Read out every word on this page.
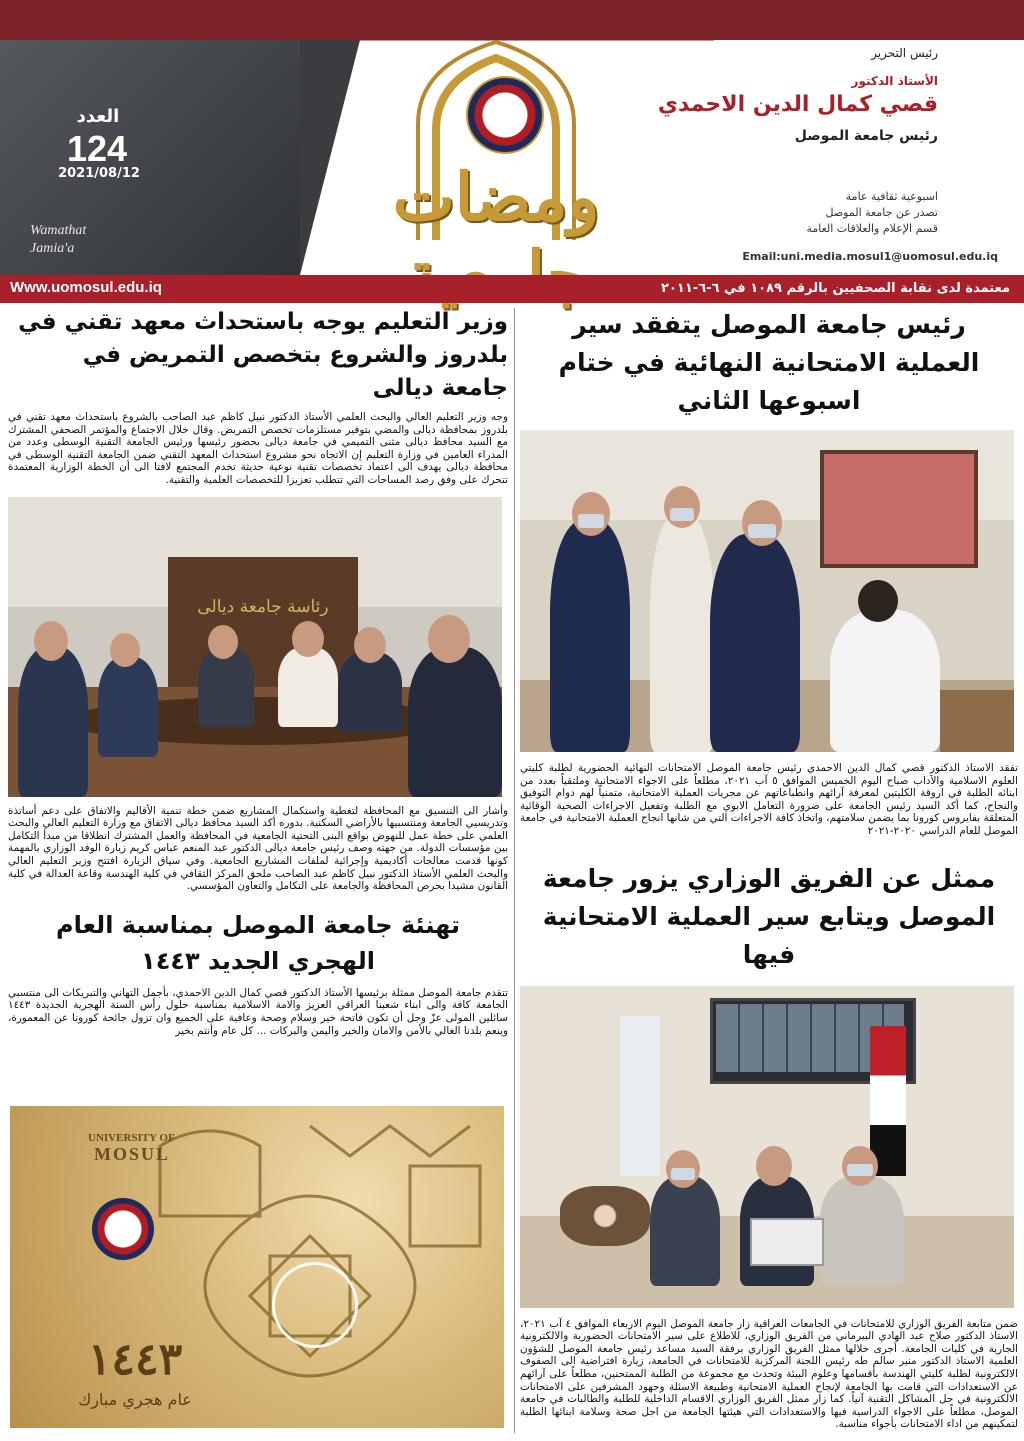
العدد
124
2021/08/12
Wamathat
Jamia'a
ومضات
رئيس التحرير
الأستاذ الدكتور
قصي كمال الدين الاحمدي
رئيس جامعة الموصل
اسبوعية ثقافية عامة
تصدر عن جامعة الموصل
قسم الإعلام والعلاقات العامة
Email:uni.media.mosul1@uomosul.edu.iq
Www.uomosul.edu.iq	معتمدة لدى نقابة الصحفيين بالرقم ١٠٨٩ في ٦-٦-٢٠١١
رئيس جامعة الموصل يتفقد سير العملية الامتحانية النهائية في ختام اسبوعها الثاني

تفقد الاستاذ الدكتور قصي كمال الدين الاحمدي رئيس جامعة الموصل الامتحانات النهائية الحضورية لطلبة كليتي العلوم الاسلامية والآداب صباح اليوم الخميس الموافق ٥ آب ٢٠٢١، مطلعاً على الاجواء الامتحانية وملتقياً بعدد من ابنائه الطلبة في اروقة الكليتين لمعرفة آرائهم وانطباعاتهم عن مجريات العملية الامتحانية، متمنياً لهم دوام التوفيق والنجاح، كما أكد السيد رئيس الجامعة على ضرورة التعامل الابوي مع الطلبة وتفعيل الاجراءات الصحية الوقائية المتعلقة بفايروس كورونا بما يضمن سلامتهم، واتخاذ كافة الاجراءات التي من شانها انجاح العملية الامتحانية في جامعة الموصل للعام الدراسي ٢٠٢٠-٢٠٢١

ممثل عن الفريق الوزاري يزور جامعة الموصل ويتابع سير العملية الامتحانية فيها

ضمن متابعة الفريق الوزاري للامتحانات في الجامعات العراقية زار جامعة الموصل اليوم الاربعاء الموافق ٤ آب ٢٠٢١، الاستاذ الدكتور صلاح عبد الهادي البيرماني من الفريق الوزاري، للاطلاع على سير الامتحانات الحضورية والالكترونية الجارية في كليات الجامعة. أجرى خلالها ممثل الفريق الوزاري برفقة السيد مساعد رئيس جامعة الموصل للشؤون العلمية الاستاذ الدكتور منير سالم طه رئيس اللجنة المركزية للامتحانات في الجامعة، زيارة افتراضية الى الصفوف الالكترونية لطلبة كليتي الهندسة بأقسامها وعلوم البيئة وتحدث مع مجموعة من الطلبة الممتحنين، مطلعاً على آرائهم عن الاستعدادات التي قامت بها الجامعة لإنجاح العملية الامتحانية وطبيعة الاسئلة وجهود المشرفين على الامتحانات الالكترونية في حل المشاكل التقنية آنياً. كما زار ممثل الفريق الوزاري الاقسام الداخلية للطلبة والطالبات في جامعة الموصل، مطلعاً على الاجواء الدراسية فيها والاستعدادات التي هيئتها الجامعة من اجل صحة وسلامة ابنائها الطلبة لتمكينهم من اداء الامتحانات بأجواء مناسبة.

وزير التعليم يوجه باستحداث معهد تقني في بلدروز والشروع بتخصص التمريض في جامعة ديالى

وجه وزير التعليم العالي والبحث العلمي الأستاذ الدكتور نبيل كاظم عبد الصاحب بالشروع باستحداث معهد تقني في بلدروز بمحافظة ديالى والمضي بتوفير مستلزمات تخصص التمريض. وقال خلال الاجتماع والمؤتمر الصحفي المشترك مع السيد محافظ ديالى مثنى التميمي في جامعة ديالى بحضور رئيسها ورئيس الجامعة التقنية الوسطى وعدد من المدراء العامين في وزارة التعليم إن الاتجاه نحو مشروع استحداث المعهد التقني ضمن الجامعة التقنية الوسطى في محافظة ديالى يهدف الى اعتماد تخصصات تقنية نوعية حديثة تخدم المجتمع لافتا الى أن الخطة الوزارية المعتمدة تتحرك على وفق رصد المساحات التي تتطلب تعزيزا للتخصصات العلمية والتقنية.

رئاسة جامعة ديالى

وأشار الى التنسيق مع المحافظة لتغطية واستكمال المشاريع ضمن خطة تنمية الأقاليم والاتفاق على دعم أساتذة وتدريسيي الجامعة ومنتسبيها بالأراضي السكنية. بدوره أكد السيد محافظ ديالى الاتفاق مع وزارة التعليم العالي والبحث العلمي على خطة عمل للنهوض بواقع البنى التحتية الجامعية في المحافظة والعمل المشترك انطلاقا من مبدأ التكامل بين مؤسسات الدولة. من جهته وصف رئيس جامعة ديالى الدكتور عبد المنعم عباس كريم زيارة الوفد الوزاري بالمهمة كونها قدمت معالجات أكاديمية وإجرائية لملفات المشاريع الجامعية. وفي سياق الزيارة افتتح وزير التعليم العالي والبحث العلمي الأستاذ الدكتور نبيل كاظم عبد الصاحب ملحق المركز الثقافي في كلية الهندسة وقاعة العدالة في كلية القانون مشيدا بحرص المحافظة والجامعة على التكامل والتعاون المؤسسي.

تهنئة جامعة الموصل بمناسبة العام الهجري الجديد ١٤٤٣

تتقدم جامعة الموصل ممثلة برئيسها الأستاذ الدكتور قصي كمال الدين الاحمدي، بأجمل التهاني والتبريكات الى منتسبي الجامعة كافة والى ابناء شعبنا العراقي العزيز والامة الاسلامية بمناسبة حلول رأس السنة الهجرية الجديدة ١٤٤٣ سائلين المولى عزّ وجل أن تكون فاتحة خير وسلام وصحة وعافية على الجميع وان تزول جائحة كورونا عن المعمورة، وينعم بلدنا الغالي بالأمن والامان والخير واليمن والبركات ... كل عام وأنتم بخير

UNIVERSITY OF
MOSUL
١٤٤٣
عام هجري مبارك
